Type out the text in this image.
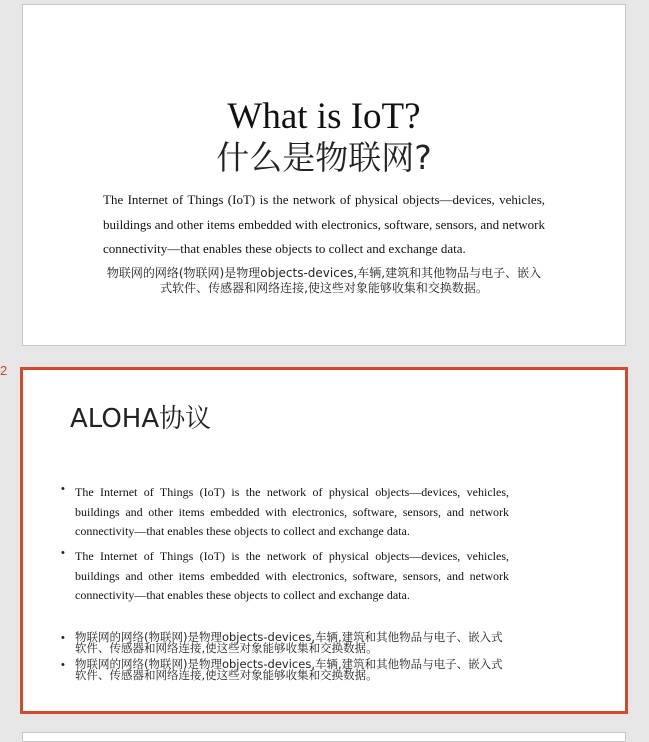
What is IoT?
什么是物联网?
The Internet of Things (IoT) is the network of physical objects—devices, vehicles, buildings and other items embedded with electronics, software, sensors, and network connectivity—that enables these objects to collect and exchange data.
物联网的网络(物联网)是物理objects-devices,车辆,建筑和其他物品与电子、嵌入式软件、传感器和网络连接,使这些对象能够收集和交换数据。
2
ALOHA协议
• The Internet of Things (IoT) is the network of physical objects—devices, vehicles, buildings and other items embedded with electronics, software, sensors, and network connectivity—that enables these objects to collect and exchange data.
• The Internet of Things (IoT) is the network of physical objects—devices, vehicles, buildings and other items embedded with electronics, software, sensors, and network connectivity—that enables these objects to collect and exchange data.
• 物联网的网络(物联网)是物理objects-devices,车辆,建筑和其他物品与电子、嵌入式软件、传感器和网络连接,使这些对象能够收集和交换数据。
• 物联网的网络(物联网)是物理objects-devices,车辆,建筑和其他物品与电子、嵌入式软件、传感器和网络连接,使这些对象能够收集和交换数据。
